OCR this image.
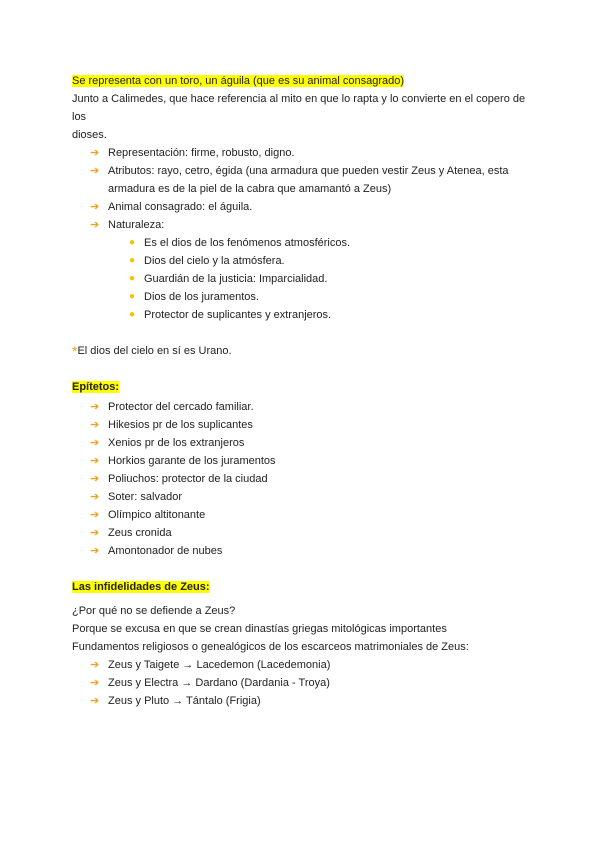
Se representa con un toro, un águila (que es su animal consagrado)

Junto a Calimedes, que hace referencia al mito en que lo rapta y lo convierte en el copero de los

dioses.

➔ Representación: firme, robusto, digno.
➔ Atributos: rayo, cetro, égida (una armadura que pueden vestir Zeus y Atenea, esta
armadura es de la piel de la cabra que amamantó a Zeus)
➔ Animal consagrado: el águila.
➔ Naturaleza:
● Es el dios de los fenómenos atmosféricos.
● Dios del cielo y la atmósfera.
● Guardián de la justicia: Imparcialidad.
● Dios de los juramentos.
● Protector de suplicantes y extranjeros.

*El dios del cielo en sí es Urano.

Epítetos:

➔ Protector del cercado familiar.
➔ Hikesios pr de los suplicantes
➔ Xenios pr de los extranjeros
➔ Horkios garante de los juramentos
➔ Poliuchos: protector de la ciudad
➔ Soter: salvador
➔ Olímpico altitonante
➔ Zeus cronida
➔ Amontonador de nubes

Las infidelidades de Zeus:

¿Por qué no se defiende a Zeus?

Porque se excusa en que se crean dinastías griegas mitológicas importantes

Fundamentos religiosos o genealógicos de los escarceos matrimoniales de Zeus:

➔ Zeus y Taigete → Lacedemon (Lacedemonia)
➔ Zeus y Electra → Dardano (Dardania - Troya)
➔ Zeus y Pluto → Tántalo (Frigia)
